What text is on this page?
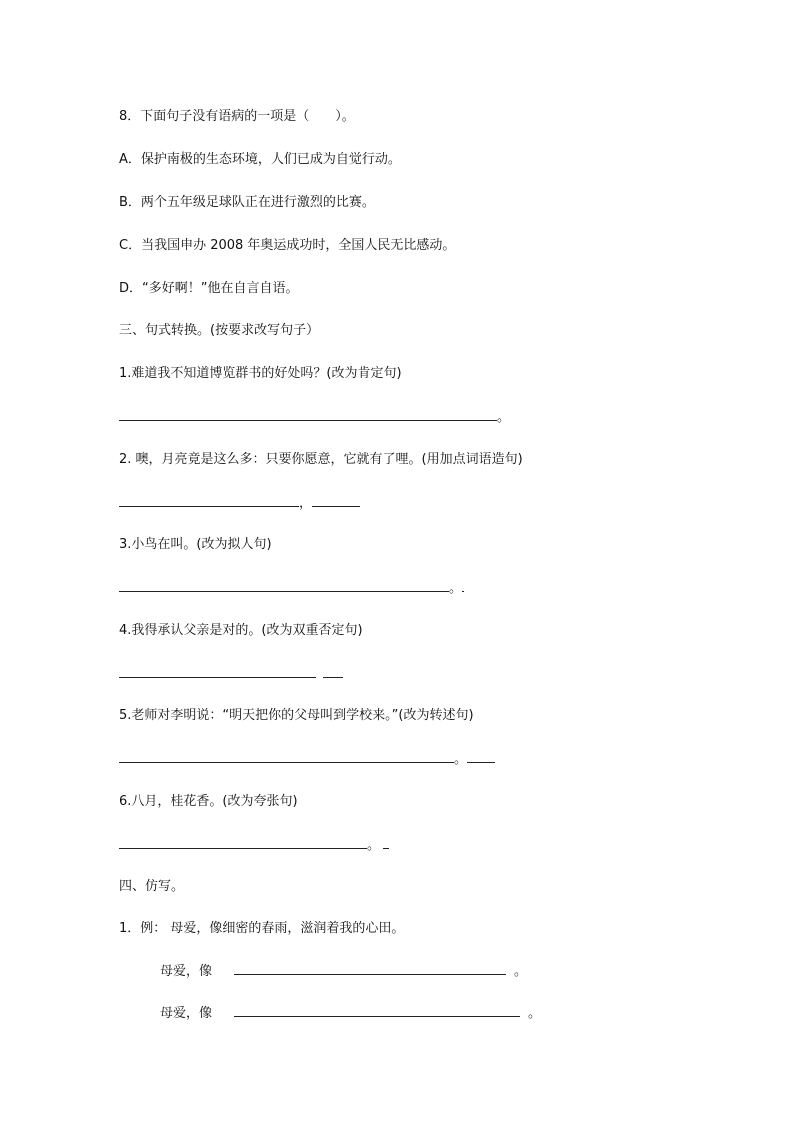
8．下面句子没有语病的一项是（　　）。
A．保护南极的生态环境，人们已成为自觉行动。
B．两个五年级足球队正在进行激烈的比赛。
C．当我国申办 2008 年奥运成功时，全国人民无比感动。
D．“多好啊！”他在自言自语。
三、句式转换。(按要求改写句子）
1.难道我不知道博览群书的好处吗？(改为肯定句)
。
2. 噢，月亮竟是这么多：只要你愿意，它就有了哩。(用加点词语造句)
，
3.小鸟在叫。(改为拟人句)
。
4.我得承认父亲是对的。(改为双重否定句)
5.老师对李明说：“明天把你的父母叫到学校来。”(改为转述句)
。
6.八月，桂花香。(改为夸张句)
。
四、仿写。
1．例： 母爱，像细密的春雨，滋润着我的心田。
母爱，像	。
母爱，像	。
